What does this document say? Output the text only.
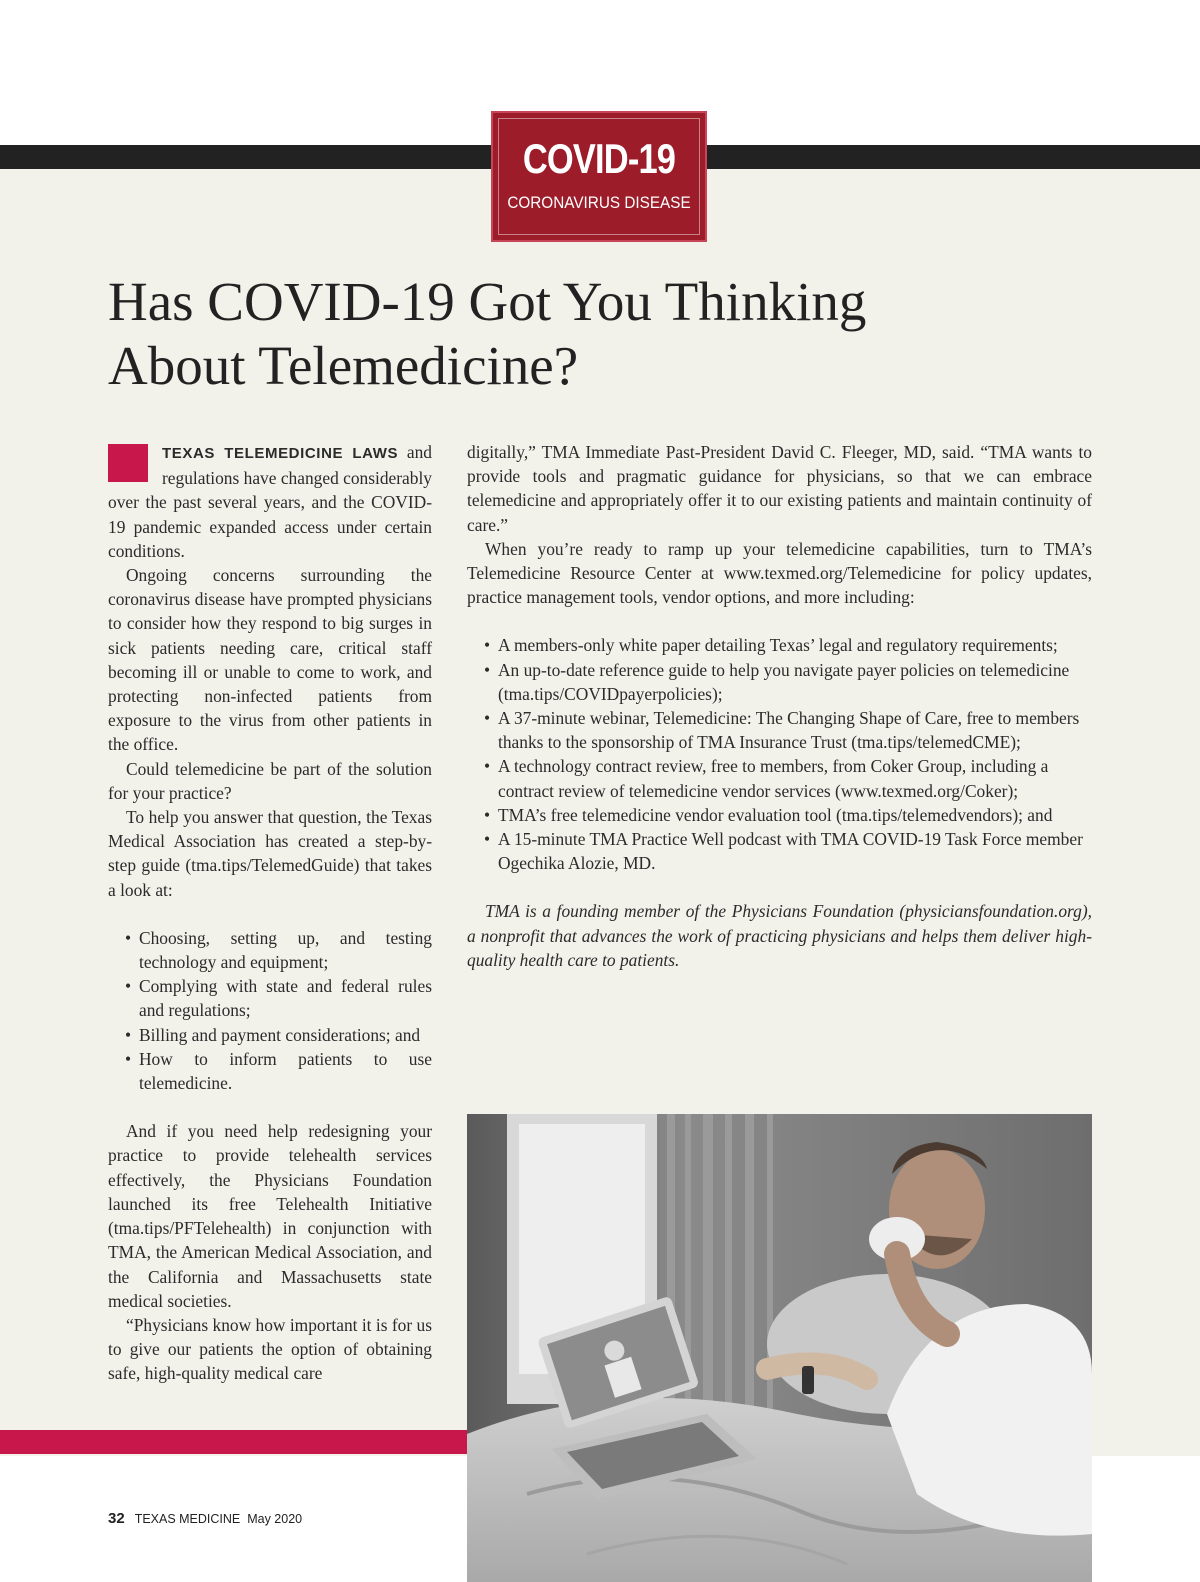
COVID-19
CORONAVIRUS DISEASE
Has COVID-19 Got You Thinking
About Telemedicine?

TEXAS TELEMEDICINE LAWS and regulations have changed considerably over the past several years, and the COVID-19 pandemic expanded access under certain conditions.

Ongoing concerns surrounding the coronavirus disease have prompted physicians to consider how they respond to big surges in sick patients needing care, critical staff becoming ill or unable to come to work, and protecting non-infected patients from exposure to the virus from other patients in the office.

Could telemedicine be part of the solution for your practice?

To help you answer that question, the Texas Medical Association has created a step-by-step guide (tma.tips/TelemedGuide) that takes a look at:

• Choosing, setting up, and testing technology and equipment;
• Complying with state and federal rules and regulations;
• Billing and payment considerations; and
• How to inform patients to use telemedicine.

And if you need help redesigning your practice to provide telehealth services effectively, the Physicians Foundation launched its free Telehealth Initiative (tma.tips/PFTelehealth) in conjunction with TMA, the American Medical Association, and the California and Massachusetts state medical societies.

“Physicians know how important it is for us to give our patients the option of obtaining safe, high-quality medical care

digitally,” TMA Immediate Past-President David C. Fleeger, MD, said. “TMA wants to provide tools and pragmatic guidance for physicians, so that we can embrace telemedicine and appropriately offer it to our existing patients and maintain continuity of care.”

When you’re ready to ramp up your telemedicine capabilities, turn to TMA’s Telemedicine Resource Center at www.texmed.org/Telemedicine for policy updates, practice management tools, vendor options, and more including:

• A members-only white paper detailing Texas’ legal and regulatory requirements;
• An up-to-date reference guide to help you navigate payer policies on telemedicine (tma.tips/COVIDpayerpolicies);
• A 37-minute webinar, Telemedicine: The Changing Shape of Care, free to members thanks to the sponsorship of TMA Insurance Trust (tma.tips/telemedCME);
• A technology contract review, free to members, from Coker Group, including a contract review of telemedicine vendor services (www.texmed.org/Coker);
• TMA’s free telemedicine vendor evaluation tool (tma.tips/telemedvendors); and
• A 15-minute TMA Practice Well podcast with TMA COVID-19 Task Force member Ogechika Alozie, MD.

TMA is a founding member of the Physicians Foundation (physiciansfoundation.org), a nonprofit that advances the work of practicing physicians and helps them deliver high-quality health care to patients.

32 TEXAS MEDICINE May 2020
